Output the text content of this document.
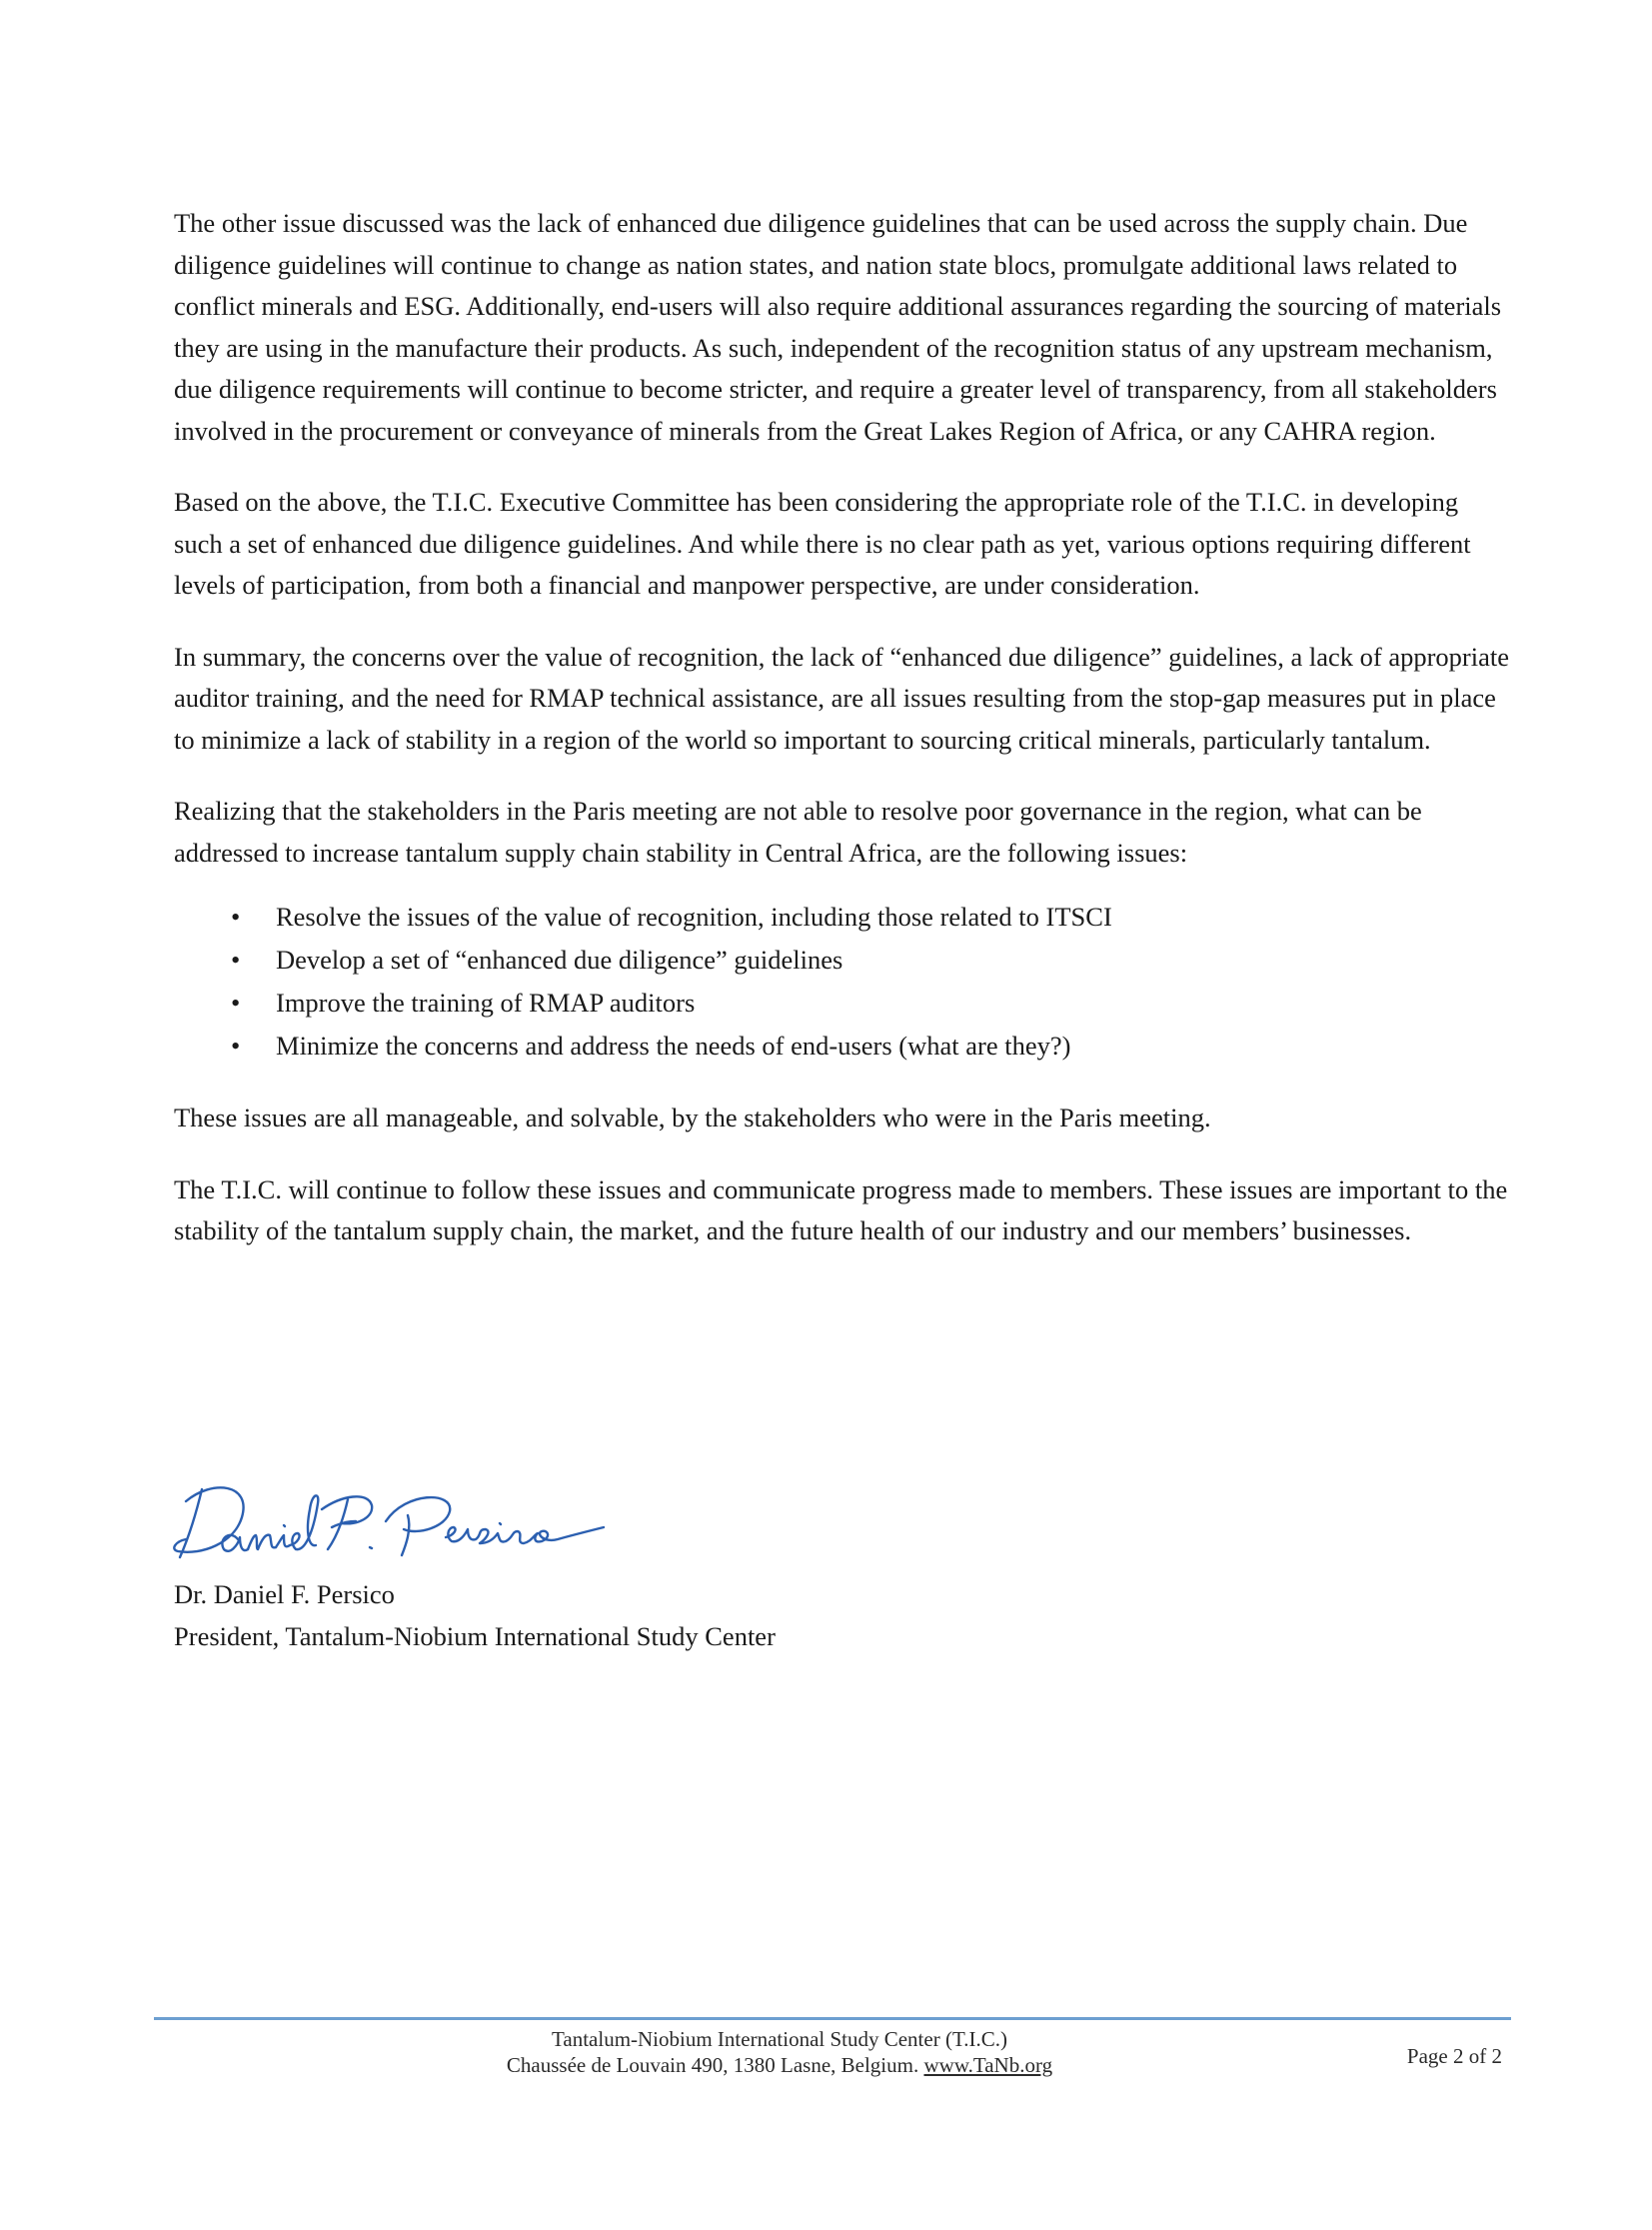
The other issue discussed was the lack of enhanced due diligence guidelines that can be used across the supply chain. Due diligence guidelines will continue to change as nation states, and nation state blocs, promulgate additional laws related to conflict minerals and ESG. Additionally, end-users will also require additional assurances regarding the sourcing of materials they are using in the manufacture their products. As such, independent of the recognition status of any upstream mechanism, due diligence requirements will continue to become stricter, and require a greater level of transparency, from all stakeholders involved in the procurement or conveyance of minerals from the Great Lakes Region of Africa, or any CAHRA region.

Based on the above, the T.I.C. Executive Committee has been considering the appropriate role of the T.I.C. in developing such a set of enhanced due diligence guidelines. And while there is no clear path as yet, various options requiring different levels of participation, from both a financial and manpower perspective, are under consideration.

In summary, the concerns over the value of recognition, the lack of “enhanced due diligence” guidelines, a lack of appropriate auditor training, and the need for RMAP technical assistance, are all issues resulting from the stop-gap measures put in place to minimize a lack of stability in a region of the world so important to sourcing critical minerals, particularly tantalum.

Realizing that the stakeholders in the Paris meeting are not able to resolve poor governance in the region, what can be addressed to increase tantalum supply chain stability in Central Africa, are the following issues:

• Resolve the issues of the value of recognition, including those related to ITSCI
• Develop a set of “enhanced due diligence” guidelines
• Improve the training of RMAP auditors
• Minimize the concerns and address the needs of end-users (what are they?)

These issues are all manageable, and solvable, by the stakeholders who were in the Paris meeting.

The T.I.C. will continue to follow these issues and communicate progress made to members. These issues are important to the stability of the tantalum supply chain, the market, and the future health of our industry and our members’ businesses.

Dr. Daniel F. Persico
President, Tantalum-Niobium International Study Center
Tantalum-Niobium International Study Center (T.I.C.)
Chaussée de Louvain 490, 1380 Lasne, Belgium. www.TaNb.org	Page 2 of 2
